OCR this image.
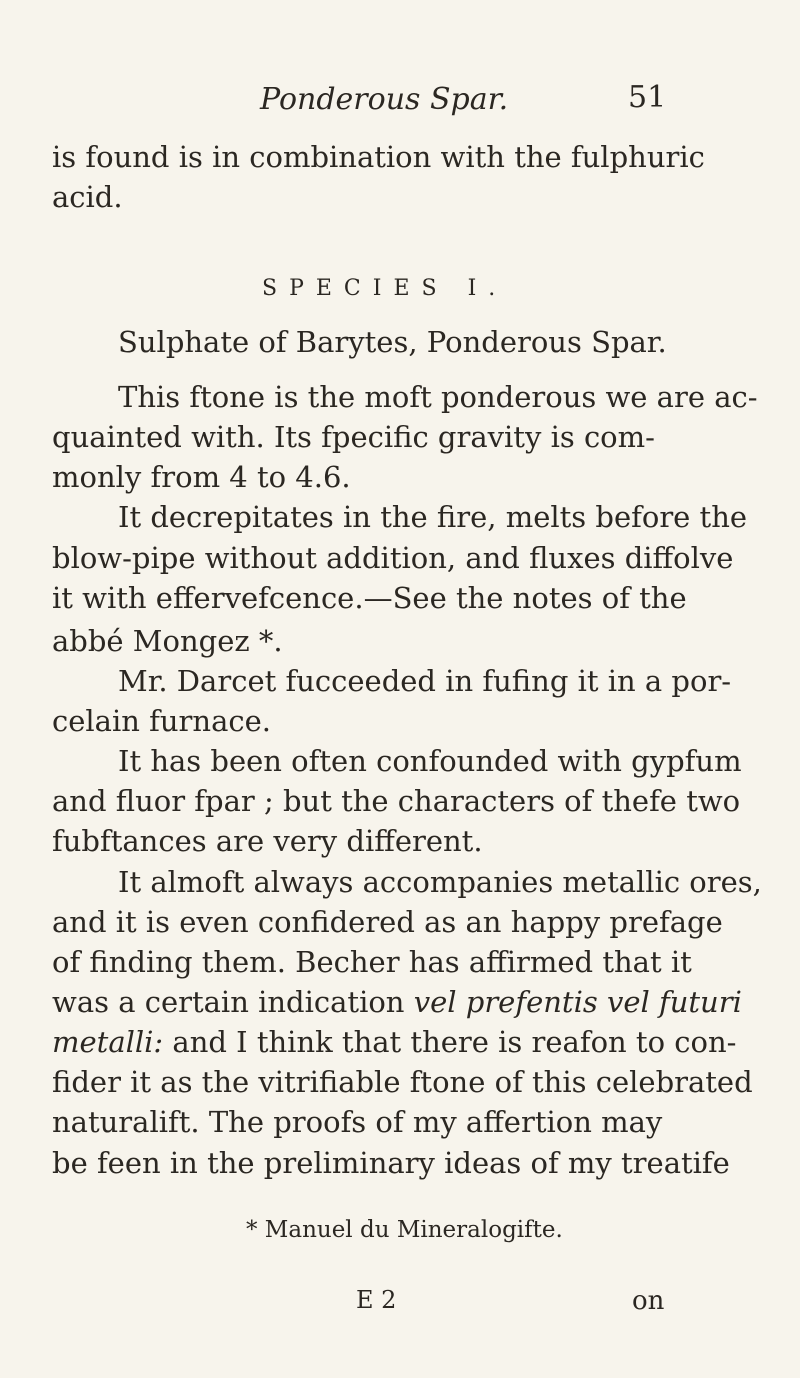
Ponderous Spar.	51
is found is in combination with the fulphuric
acid.
SPECIES I.
Sulphate of Barytes, Ponderous Spar.
This ftone is the moft ponderous we are ac-
quainted with. Its fpecific gravity is com-
monly from 4 to 4.6.
It decrepitates in the fire, melts before the
blow-pipe without addition, and fluxes diffolve
it with effervefcence.—See the notes of the
abbé Mongez *.
Mr. Darcet fucceeded in fufing it in a por-
celain furnace.
It has been often confounded with gypfum
and fluor fpar ; but the characters of thefe two
fubftances are very different.
It almoft always accompanies metallic ores,
and it is even confidered as an happy prefage
of finding them. Becher has affirmed that it
was a certain indication vel prefentis vel futuri
metalli: and I think that there is reafon to con-
fider it as the vitrifiable ftone of this celebrated
naturalift. The proofs of my affertion may
be feen in the preliminary ideas of my treatife
* Manuel du Mineralogifte.
E 2	on
